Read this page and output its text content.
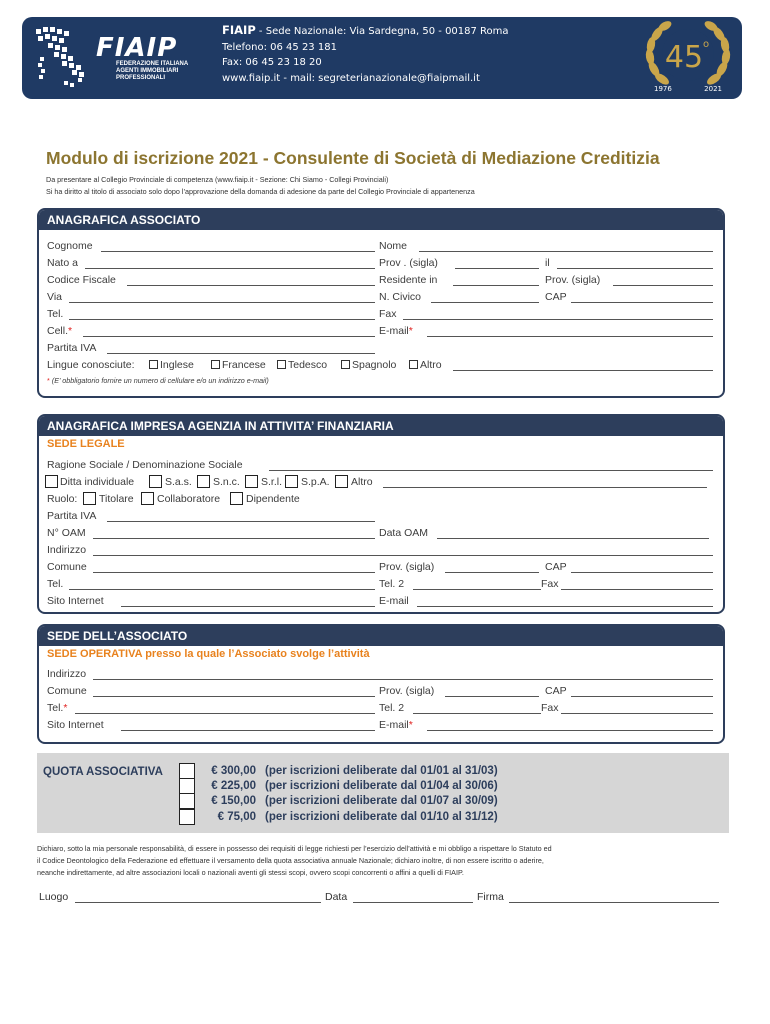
FIAIP
FEDERAZIONE ITALIANA
AGENTI IMMOBILIARI
PROFESSIONALI
FIAIP - Sede Nazionale: Via Sardegna, 50 - 00187 Roma
Telefono: 06 45 23 181
Fax: 06 45 23 18 20
www.fiaip.it - mail: segreterianazionale@fiaipmail.it
45 o
1976	2021
Modulo di iscrizione 2021 - Consulente di Società di Mediazione Creditizia
Da presentare al Collegio Provinciale di competenza (www.fiaip.it - Sezione: Chi Siamo - Collegi Provinciali)
Si ha diritto al titolo di associato solo dopo l’approvazione della domanda di adesione da parte del Collegio Provinciale di appartenenza
ANAGRAFICA ASSOCIATO
Cognome	Nome
Nato a	Prov . (sigla)	il
Codice Fiscale	Residente in	Prov. (sigla)
Via	N. Civico	CAP
Tel.	Fax
Cell.*	E-mail*
Partita IVA
Lingue conosciute:	Inglese	Francese	Tedesco	Spagnolo	Altro
* (E’ obbligatorio fornire un numero di cellulare e/o un indirizzo e-mail)
ANAGRAFICA IMPRESA AGENZIA IN ATTIVITA’ FINANZIARIA
SEDE LEGALE
Ragione Sociale / Denominazione Sociale
Ditta individuale	S.a.s. S.n.c. S.r.l. S.p.A. Altro
Ruolo: Titolare Collaboratore Dipendente
Partita IVA
N° OAM	Data OAM
Indirizzo
Comune	Prov. (sigla)	CAP
Tel.	Tel. 2	Fax
Sito Internet	E-mail
SEDE DELL’ASSOCIATO
SEDE OPERATIVA presso la quale l’Associato svolge l’attività
Indirizzo
Comune	Prov. (sigla)	CAP
Tel.*	Tel. 2	Fax
Sito Internet	E-mail*
QUOTA ASSOCIATIVA	€ 300,00 (per iscrizioni deliberate dal 01/01 al 31/03)
€ 225,00 (per iscrizioni deliberate dal 01/04 al 30/06)
€ 150,00 (per iscrizioni deliberate dal 01/07 al 30/09)
€ 75,00 (per iscrizioni deliberate dal 01/10 al 31/12)
Dichiaro, sotto la mia personale responsabilità, di essere in possesso dei requisiti di legge richiesti per l’esercizio dell’attività e mi obbligo a rispettare lo Statuto ed
il Codice Deontologico della Federazione ed effettuare il versamento della quota associativa annuale Nazionale; dichiaro inoltre, di non essere iscritto o aderire,
neanche indirettamente, ad altre associazioni locali o nazionali aventi gli stessi scopi, ovvero scopi concorrenti o affini a quelli di FIAIP.
Luogo	Data	Firma
